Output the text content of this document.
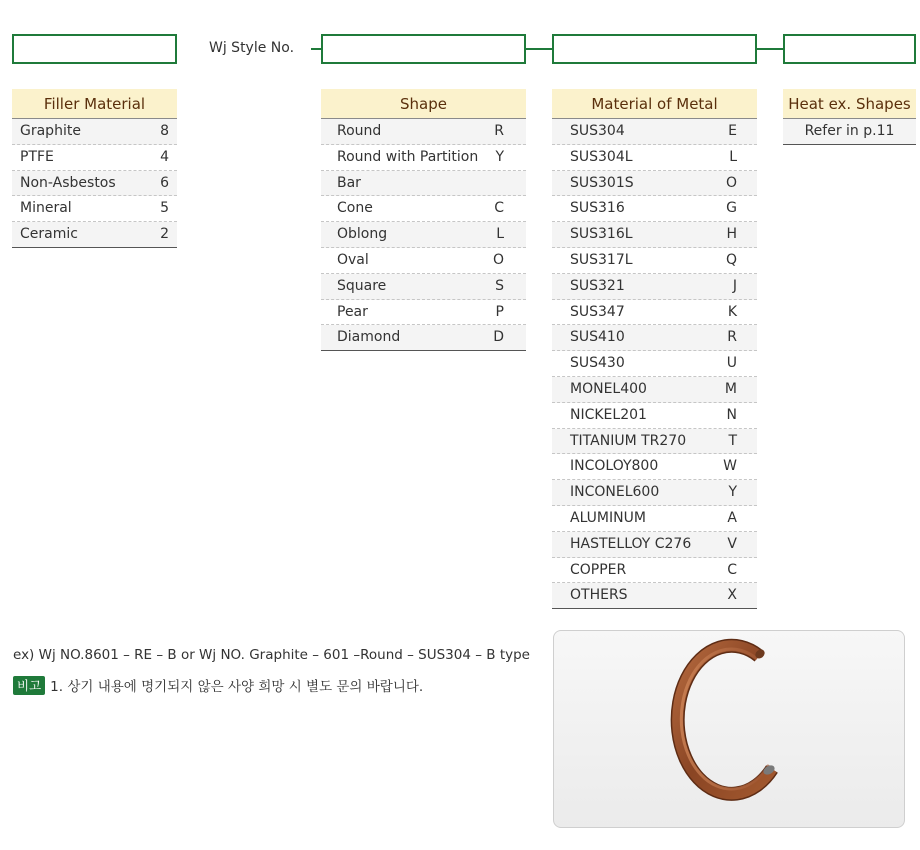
Wj Style No.
Filler Material
Graphite	8
PTFE	4
Non-Asbestos	6
Mineral	5
Ceramic	2
Shape
Round	R
Round with Partition Y
Bar
Cone	C
Oblong	L
Oval	O
Square	S
Pear	P
Diamond	D
Material of Metal
SUS304	E
SUS304L	L
SUS301S	O
SUS316	G
SUS316L	H
SUS317L	Q
SUS321	J
SUS347	K
SUS410	R
SUS430	U
MONEL400	M
NICKEL201	N
TITANIUM TR270	T
INCOLOY800	W
INCONEL600	Y
ALUMINUM	A
HASTELLOY C276	V
COPPER	C
OTHERS	X
Heat ex. Shapes
Refer in p.11
ex) Wj NO.8601 – RE – B or Wj NO. Graphite – 601 –Round – SUS304 – B type
비고 1. 상기 내용에 명기되지 않은 사양 희망 시 별도 문의 바랍니다.
